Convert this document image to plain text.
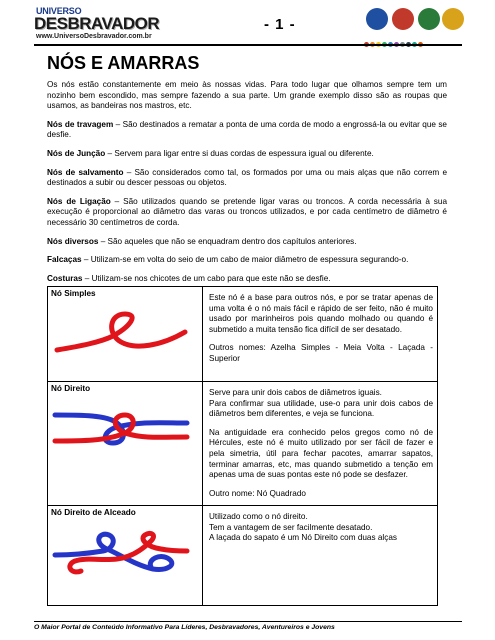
UNIVERSO
DESBRAVADOR
www.UniversoDesbravador.com.br
- 1 -
NÓS E AMARRAS

Os nós estão constantemente em meio às nossas vidas. Para todo lugar que olhamos sempre tem um nozinho bem escondido, mas sempre fazendo a sua parte. Um grande exemplo disso são as roupas que usamos, as bandeiras nos mastros, etc.

Nós de travagem – São destinados a rematar a ponta de uma corda de modo a engrossá-la ou evitar que se desfie.

Nós de Junção – Servem para ligar entre si duas cordas de espessura igual ou diferente.

Nós de salvamento – São considerados como tal, os formados por uma ou mais alças que não correm e destinados a subir ou descer pessoas ou objetos.

Nós de Ligação – São utilizados quando se pretende ligar varas ou troncos. A corda necessária à sua execução é proporcional ao diâmetro das varas ou troncos utilizados, e por cada centímetro de diâmetro é necessário 30 centímetros de corda.

Nós diversos – São aqueles que não se enquadram dentro dos capítulos anteriores.

Falcaças – Utilizam-se em volta do seio de um cabo de maior diâmetro de espessura segurando-o.

Costuras – Utilizam-se nos chicotes de um cabo para que este não se desfie.

Nó Simples	Este nó é a base para outros nós, e por se tratar apenas de uma volta é o nó mais fácil e rápido de ser feito, não é muito usado por marinheiros pois quando molhado ou quando é submetido a muita tensão fica difícil de ser desatado.

Outros nomes: Azelha Simples - Meia Volta - Laçada - Superior

Nó Direito	Serve para unir dois cabos de diâmetros iguais.
Para confirmar sua utilidade, use-o para unir dois cabos de diâmetros bem diferentes, e veja se funciona.

Na antiguidade era conhecido pelos gregos como nó de Hércules, este nó é muito utilizado por ser fácil de fazer e pela simetria, útil para fechar pacotes, amarrar sapatos, terminar amarras, etc, mas quando submetido a tenção em apenas uma de suas pontas este nó pode se desfazer.

Outro nome: Nó Quadrado

Nó Direito de Alceado	Utilizado como o nó direito.
Tem a vantagem de ser facilmente desatado.
A laçada do sapato é um Nó Direito com duas alças

O Maior Portal de Conteúdo Informativo Para Líderes, Desbravadores, Aventureiros e Jovens
